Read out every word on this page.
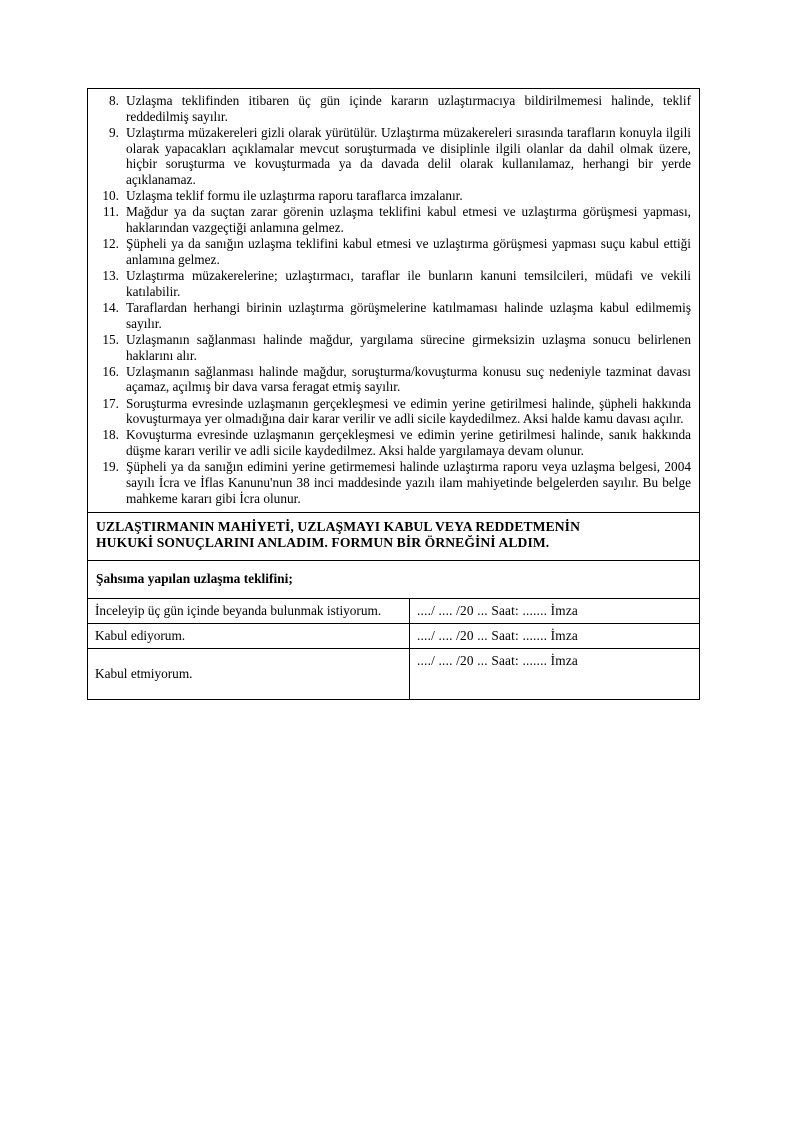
8. Uzlaşma teklifinden itibaren üç gün içinde kararın uzlaştırmacıya bildirilmemesi halinde, teklif reddedilmiş sayılır.
9. Uzlaştırma müzakereleri gizli olarak yürütülür. Uzlaştırma müzakereleri sırasında tarafların konuyla ilgili olarak yapacakları açıklamalar mevcut soruşturmada ve disiplinle ilgili olanlar da dahil olmak üzere, hiçbir soruşturma ve kovuşturmada ya da davada delil olarak kullanılamaz, herhangi bir yerde açıklanamaz.
10. Uzlaşma teklif formu ile uzlaştırma raporu taraflarca imzalanır.
11. Mağdur ya da suçtan zarar görenin uzlaşma teklifini kabul etmesi ve uzlaştırma görüşmesi yapması, haklarından vazgeçtiği anlamına gelmez.
12. Şüpheli ya da sanığın uzlaşma teklifini kabul etmesi ve uzlaştırma görüşmesi yapması suçu kabul ettiği anlamına gelmez.
13. Uzlaştırma müzakerelerine; uzlaştırmacı, taraflar ile bunların kanuni temsilcileri, müdafi ve vekili katılabilir.
14. Taraflardan herhangi birinin uzlaştırma görüşmelerine katılmaması halinde uzlaşma kabul edilmemiş sayılır.
15. Uzlaşmanın sağlanması halinde mağdur, yargılama sürecine girmeksizin uzlaşma sonucu belirlenen haklarını alır.
16. Uzlaşmanın sağlanması halinde mağdur, soruşturma/kovuşturma konusu suç nedeniyle tazminat davası açamaz, açılmış bir dava varsa feragat etmiş sayılır.
17. Soruşturma evresinde uzlaşmanın gerçekleşmesi ve edimin yerine getirilmesi halinde, şüpheli hakkında kovuşturmaya yer olmadığına dair karar verilir ve adli sicile kaydedilmez. Aksi halde kamu davası açılır.
18. Kovuşturma evresinde uzlaşmanın gerçekleşmesi ve edimin yerine getirilmesi halinde, sanık hakkında düşme kararı verilir ve adli sicile kaydedilmez. Aksi halde yargılamaya devam olunur.
19. Şüpheli ya da sanığın edimini yerine getirmemesi halinde uzlaştırma raporu veya uzlaşma belgesi, 2004 sayılı İcra ve İflas Kanunu'nun 38 inci maddesinde yazılı ilam mahiyetinde belgelerden sayılır. Bu belge mahkeme kararı gibi İcra olunur.
UZLAŞTIRMANIN MAHİYETİ, UZLAŞMAYI KABUL VEYA REDDETMENİN
HUKUKİ SONUÇLARINI ANLADIM. FORMUN BİR ÖRNEĞİNİ ALDIM.
Şahsıma yapılan uzlaşma teklifini;
İnceleyip üç gün içinde beyanda bulunmak istiyorum.	..../ .... /20 ... Saat: ....... İmza
Kabul ediyorum.	..../ .... /20 ... Saat: ....... İmza
Kabul etmiyorum.	..../ .... /20 ... Saat: ....... İmza
